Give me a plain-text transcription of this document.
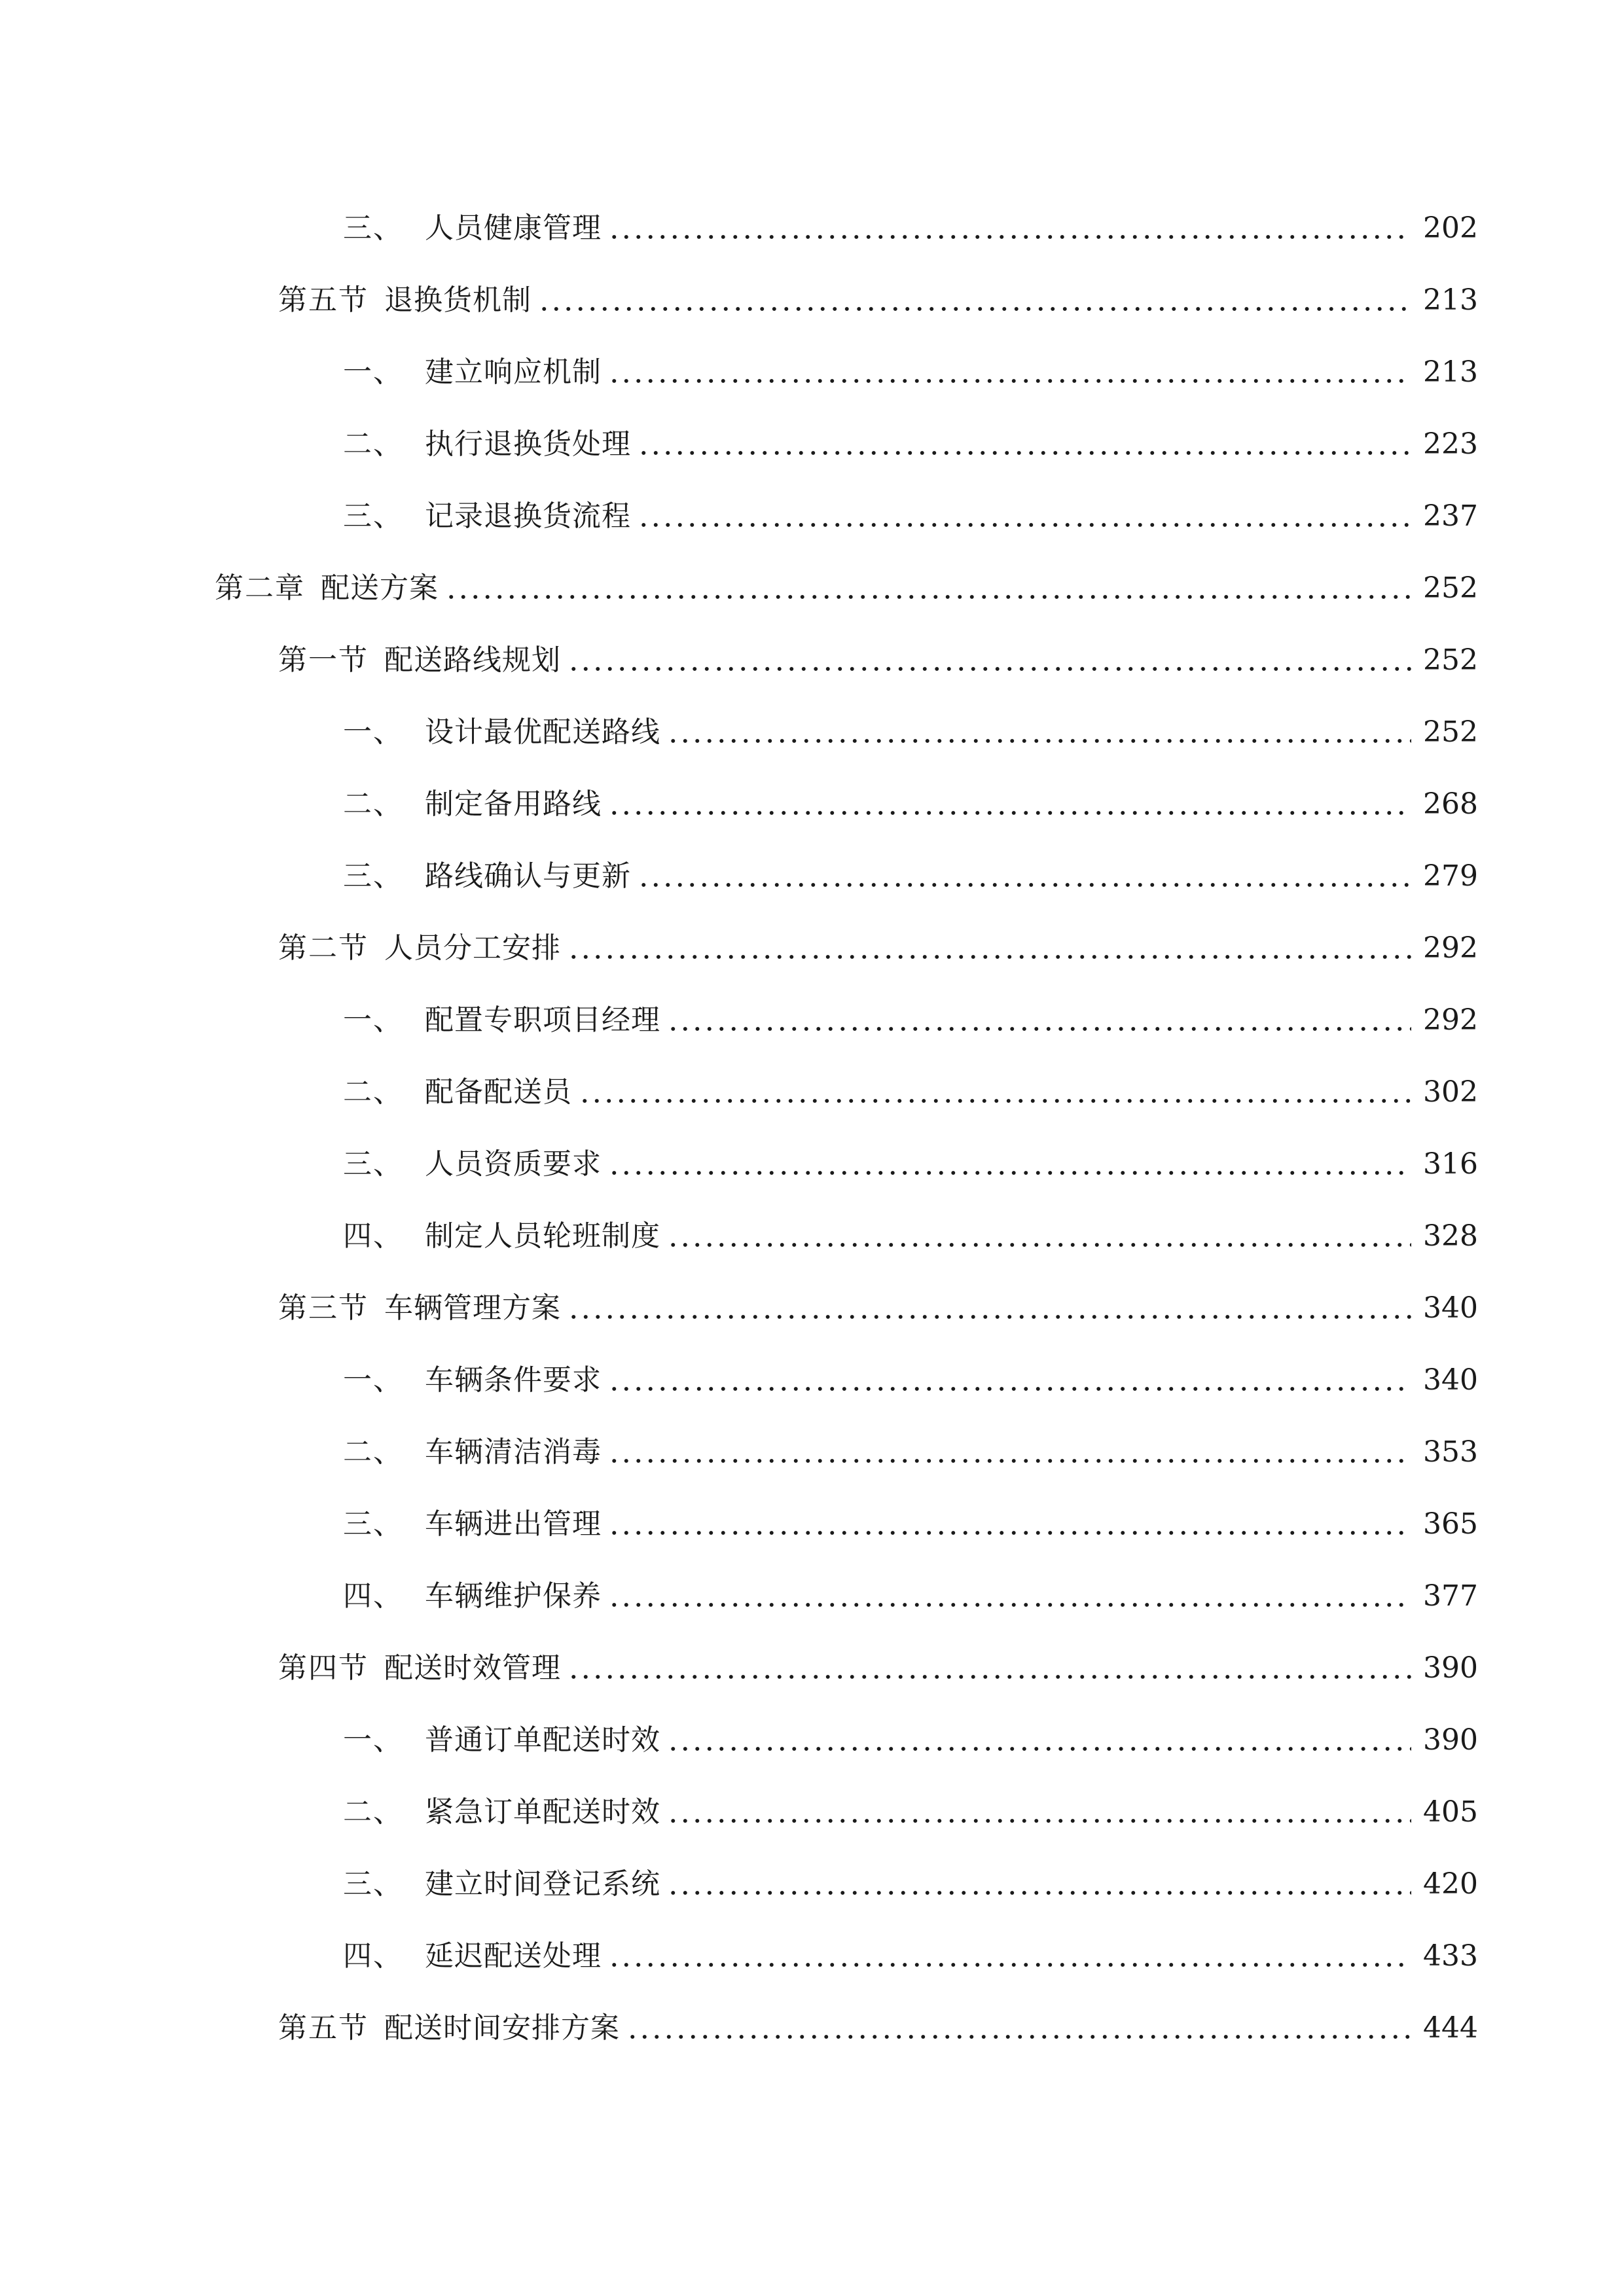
三、 人员健康管理	202
第五节 退换货机制	213
一、 建立响应机制	213
二、 执行退换货处理	223
三、 记录退换货流程	237
第二章 配送方案	252
第一节 配送路线规划	252
一、 设计最优配送路线	252
二、 制定备用路线	268
三、 路线确认与更新	279
第二节 人员分工安排	292
一、 配置专职项目经理	292
二、 配备配送员	302
三、 人员资质要求	316
四、 制定人员轮班制度	328
第三节 车辆管理方案	340
一、 车辆条件要求	340
二、 车辆清洁消毒	353
三、 车辆进出管理	365
四、 车辆维护保养	377
第四节 配送时效管理	390
一、 普通订单配送时效	390
二、 紧急订单配送时效	405
三、 建立时间登记系统	420
四、 延迟配送处理	433
第五节 配送时间安排方案	444
